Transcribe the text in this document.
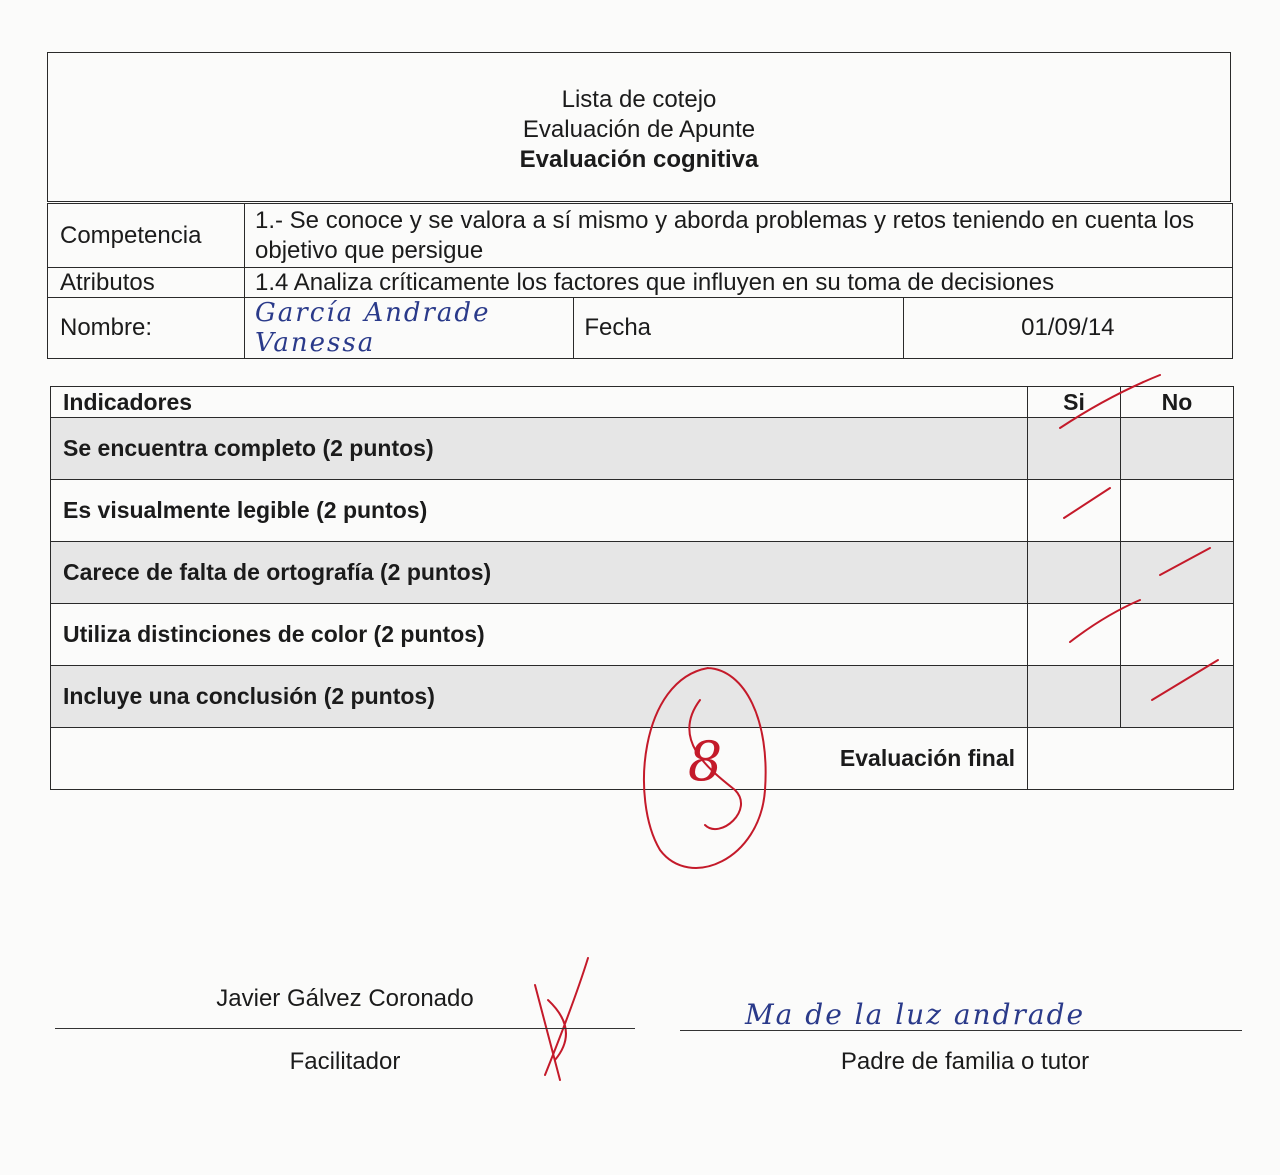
Lista de cotejo
Evaluación de Apunte
Evaluación cognitiva
Competencia	1.- Se conoce y se valora a sí mismo y aborda problemas y retos teniendo en cuenta los objetivo que persigue		
Atributos	1.4 Analiza críticamente los factores que influyen en su toma de decisiones		
Nombre:	García Andrade Vanessa	Fecha	01/09/14
Indicadores	Si	No
Se encuentra completo (2 puntos)		
Es visualmente legible (2 puntos)		
Carece de falta de ortografía (2 puntos)		
Utiliza distinciones de color (2 puntos)		
Incluye una conclusión (2 puntos)		
Evaluación final		
8
Javier Gálvez Coronado
Facilitador
Ma de la luz andrade
Padre de familia o tutor
